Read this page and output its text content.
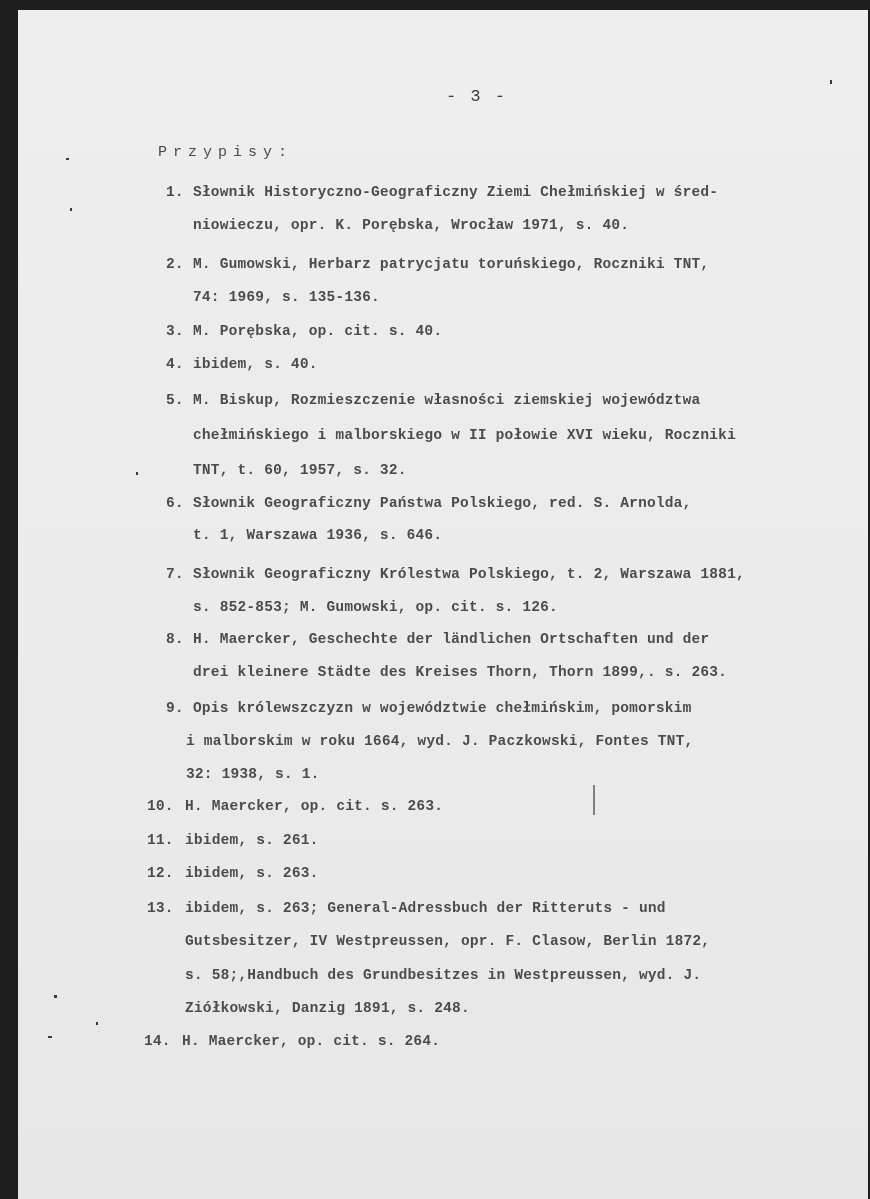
- 3 -
Przypisy:
1. Słownik Historyczno-Geograficzny Ziemi Chełmińskiej w śred-
niowieczu, opr. K. Porębska, Wrocław 1971, s. 40.
2. M. Gumowski, Herbarz patrycjatu toruńskiego, Roczniki TNT,
74: 1969, s. 135-136.
3. M. Porębska, op. cit. s. 40.
4. ibidem, s. 40.
5. M. Biskup, Rozmieszczenie własności ziemskiej województwa
chełmińskiego i malborskiego w II połowie XVI wieku, Roczniki
TNT, t. 60, 1957, s. 32.
6. Słownik Geograficzny Państwa Polskiego, red. S. Arnolda,
t. 1, Warszawa 1936, s. 646.
7. Słownik Geograficzny Królestwa Polskiego, t. 2, Warszawa 1881,
s. 852-853; M. Gumowski, op. cit. s. 126.
8. H. Maercker, Geschechte der ländlichen Ortschaften und der
drei kleinere Städte des Kreises Thorn, Thorn 1899,. s. 263.
9. Opis królewszczyzn w województwie chełmińskim, pomorskim
i malborskim w roku 1664, wyd. J. Paczkowski, Fontes TNT,
32: 1938, s. 1.
10. H. Maercker, op. cit. s. 263.
11. ibidem, s. 261.
12. ibidem, s. 263.
13. ibidem, s. 263; General-Adressbuch der Ritteruts - und
Gutsbesitzer, IV Westpreussen, opr. F. Clasow, Berlin 1872,
s. 58;,Handbuch des Grundbesitzes in Westpreussen, wyd. J.
Ziółkowski, Danzig 1891, s. 248.
14. H. Maercker, op. cit. s. 264.
